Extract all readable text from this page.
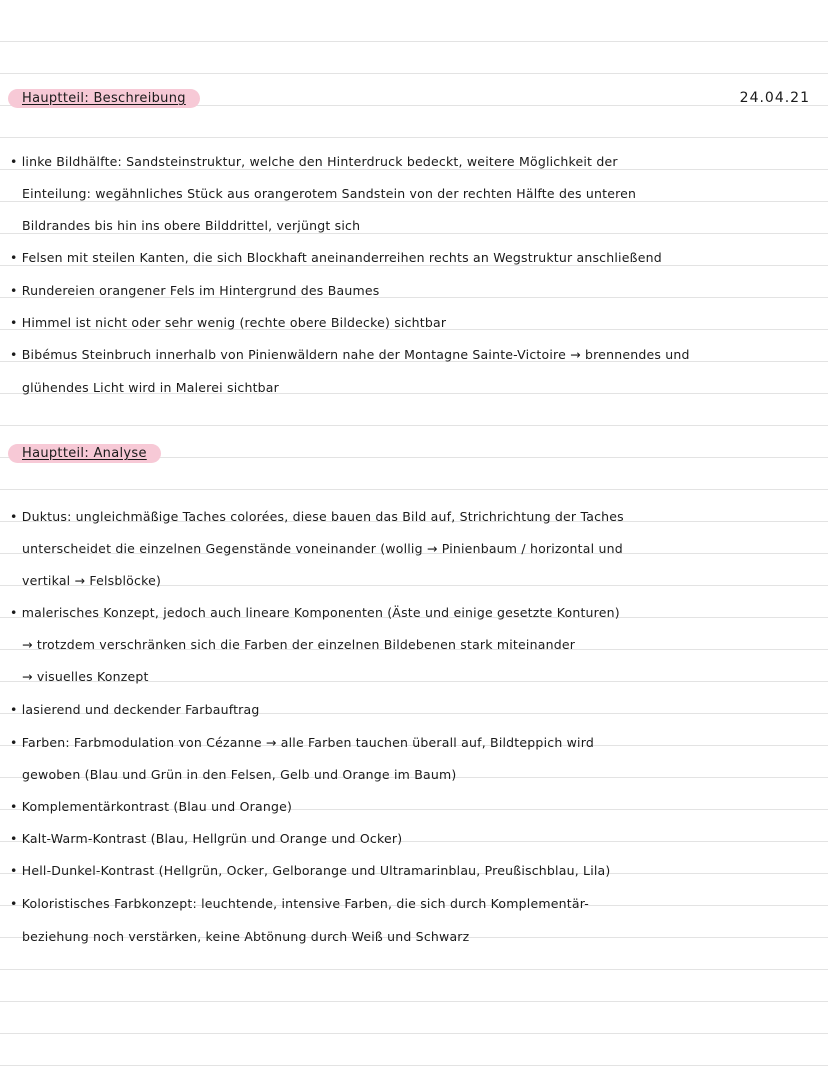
Hauptteil: Beschreibung	24.04.21
• linke Bildhälfte: Sandsteinstruktur, welche den Hinterdruck bedeckt, weitere Möglichkeit der
Einteilung: wegähnliches Stück aus orangerotem Sandstein von der rechten Hälfte des unteren
Bildrandes bis hin ins obere Bilddrittel, verjüngt sich
• Felsen mit steilen Kanten, die sich Blockhaft aneinanderreihen rechts an Wegstruktur anschließend
• Rundereien orangener Fels im Hintergrund des Baumes
• Himmel ist nicht oder sehr wenig (rechte obere Bildecke) sichtbar
• Bibémus Steinbruch innerhalb von Pinienwäldern nahe der Montagne Sainte-Victoire → brennendes und
glühendes Licht wird in Malerei sichtbar
Hauptteil: Analyse
• Duktus: ungleichmäßige Taches colorées, diese bauen das Bild auf, Strichrichtung der Taches
unterscheidet die einzelnen Gegenstände voneinander (wollig → Pinienbaum / horizontal und
vertikal → Felsblöcke)
• malerisches Konzept, jedoch auch lineare Komponenten (Äste und einige gesetzte Konturen)
→ trotzdem verschränken sich die Farben der einzelnen Bildebenen stark miteinander
→ visuelles Konzept
• lasierend und deckender Farbauftrag
• Farben: Farbmodulation von Cézanne → alle Farben tauchen überall auf, Bildteppich wird
gewoben (Blau und Grün in den Felsen, Gelb und Orange im Baum)
• Komplementärkontrast (Blau und Orange)
• Kalt-Warm-Kontrast (Blau, Hellgrün und Orange und Ocker)
• Hell-Dunkel-Kontrast (Hellgrün, Ocker, Gelborange und Ultramarinblau, Preußischblau, Lila)
• Koloristisches Farbkonzept: leuchtende, intensive Farben, die sich durch Komplementär-
beziehung noch verstärken, keine Abtönung durch Weiß und Schwarz
